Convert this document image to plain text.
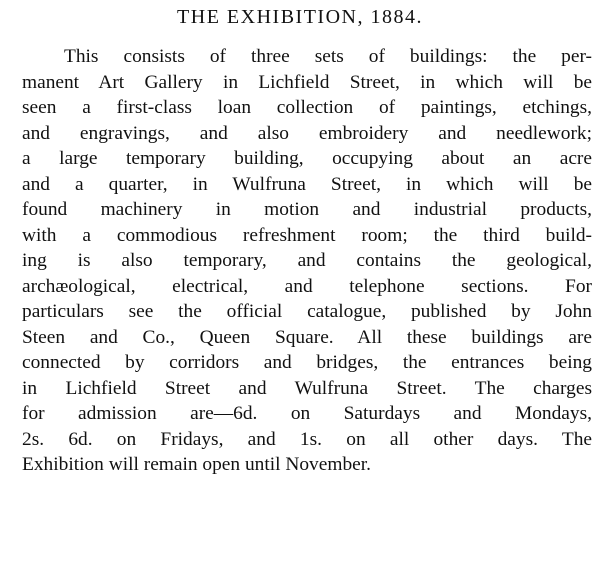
THE EXHIBITION, 1884.
This consists of three sets of buildings: the per-
manent Art Gallery in Lichfield Street, in which will be
seen a first-class loan collection of paintings, etchings,
and engravings, and also embroidery and needlework;
a large temporary building, occupying about an acre
and a quarter, in Wulfruna Street, in which will be
found machinery in motion and industrial products,
with a commodious refreshment room; the third build-
ing is also temporary, and contains the geological,
archæological, electrical, and telephone sections. For
particulars see the official catalogue, published by John
Steen and Co., Queen Square. All these buildings are
connected by corridors and bridges, the entrances being
in Lichfield Street and Wulfruna Street. The charges
for admission are—6d. on Saturdays and Mondays,
2s. 6d. on Fridays, and 1s. on all other days. The
Exhibition will remain open until November.
